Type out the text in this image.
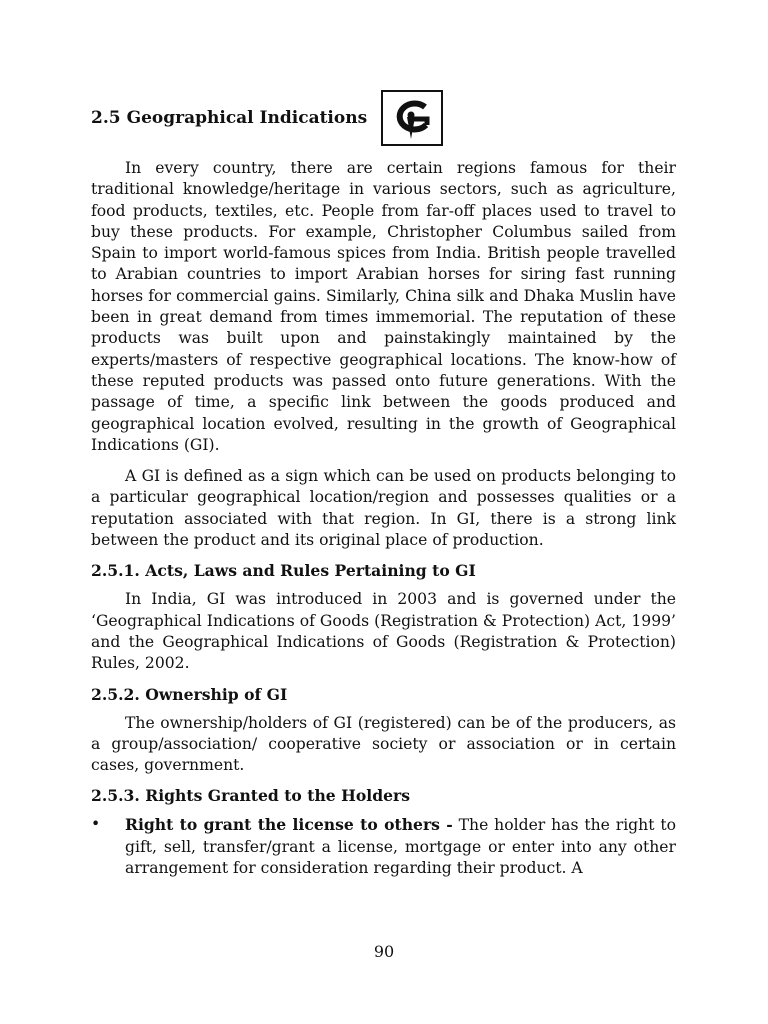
2.5 Geographical Indications

In every country, there are certain regions famous for their traditional knowledge/heritage in various sectors, such as agriculture, food products, textiles, etc. People from far-off places used to travel to buy these products. For example, Christopher Columbus sailed from Spain to import world-famous spices from India. British people travelled to Arabian countries to import Arabian horses for siring fast running horses for commercial gains. Similarly, China silk and Dhaka Muslin have been in great demand from times immemorial. The reputation of these products was built upon and painstakingly maintained by the experts/masters of respective geographical locations. The know-how of these reputed products was passed onto future generations. With the passage of time, a specific link between the goods produced and geographical location evolved, resulting in the growth of Geographical Indications (GI).

A GI is defined as a sign which can be used on products belonging to a particular geographical location/region and possesses qualities or a reputation associated with that region. In GI, there is a strong link between the product and its original place of production.

2.5.1. Acts, Laws and Rules Pertaining to GI

In India, GI was introduced in 2003 and is governed under the ‘Geographical Indications of Goods (Registration & Protection) Act, 1999’ and the Geographical Indications of Goods (Registration & Protection) Rules, 2002.

2.5.2. Ownership of GI

The ownership/holders of GI (registered) can be of the producers, as a group/association/ cooperative society or association or in certain cases, government.

2.5.3. Rights Granted to the Holders
• Right to grant the license to others - The holder has the right to gift, sell, transfer/grant a license, mortgage or enter into any other arrangement for consideration regarding their product. A
90
